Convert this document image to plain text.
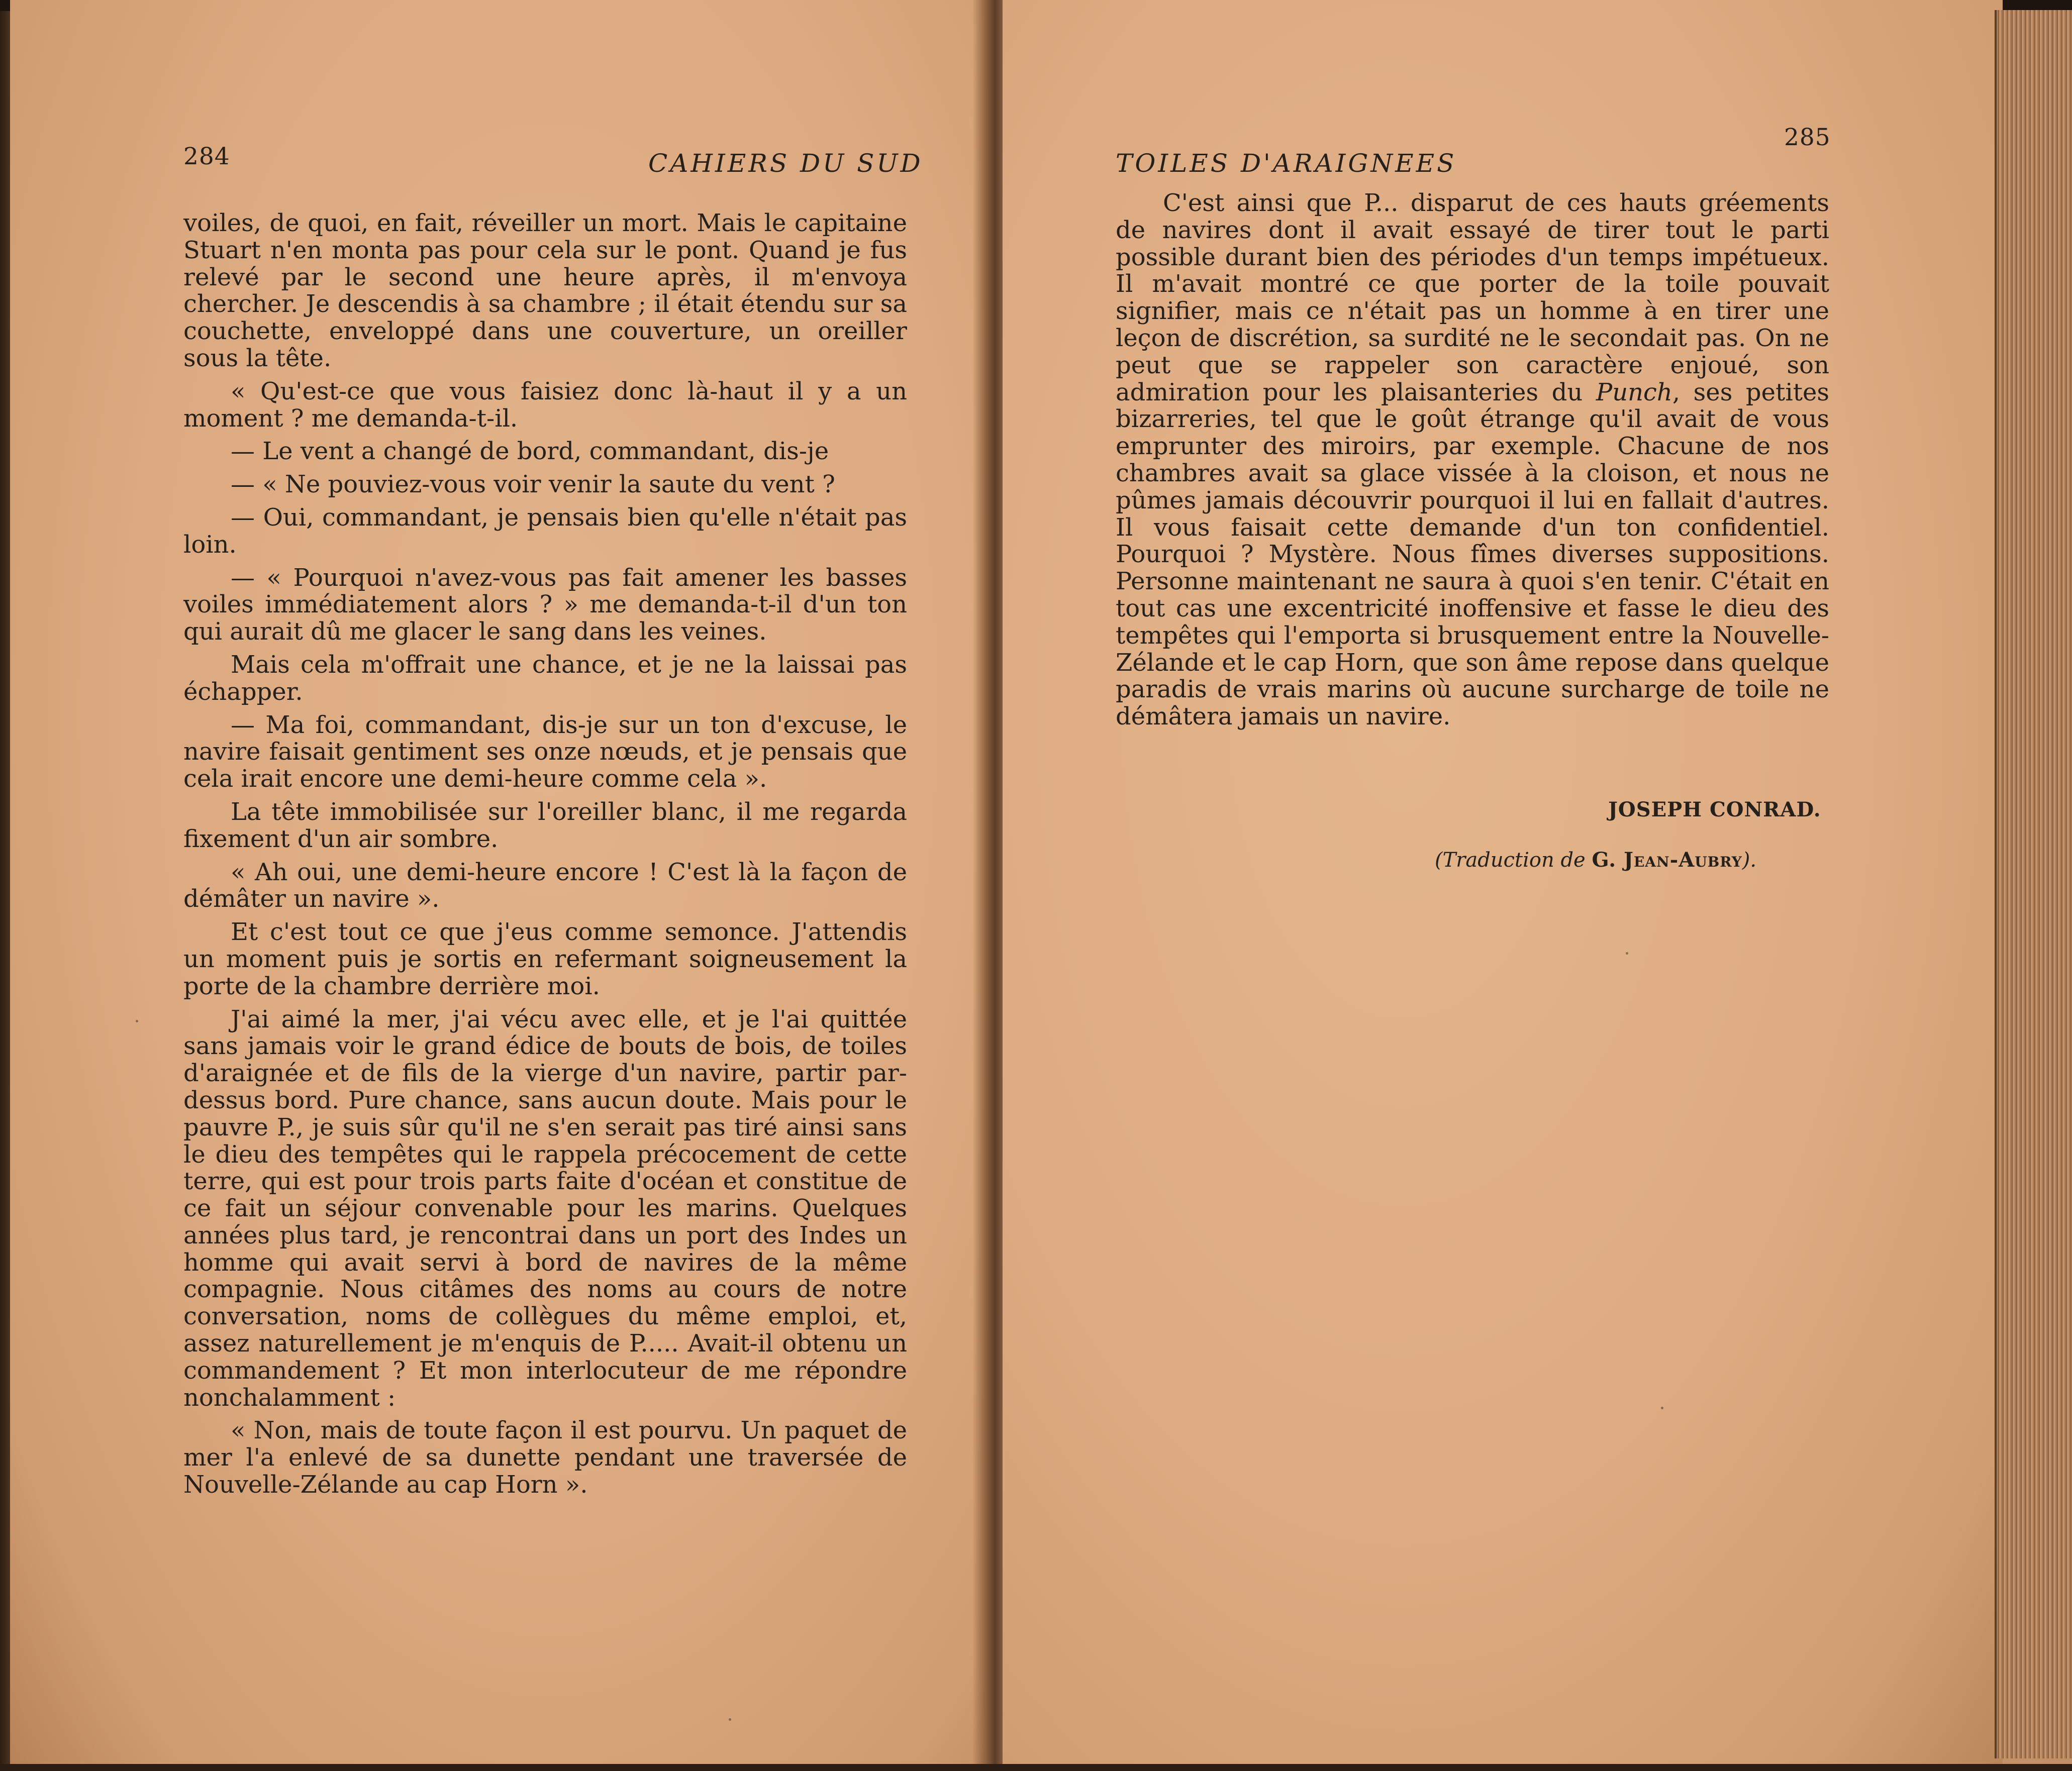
284	CAHIERS DU SUD

voiles, de quoi, en fait, réveiller un mort. Mais le capitaine Stuart n'en monta pas pour cela sur le pont. Quand je fus relevé par le second une heure après, il m'envoya chercher. Je descendis à sa chambre ; il était étendu sur sa couchette, enveloppé dans une couverture, un oreiller sous la tête.

« Qu'est-ce que vous faisiez donc là-haut il y a un moment ? me demanda-t-il.

— Le vent a changé de bord, commandant, dis-je

— « Ne pouviez-vous voir venir la saute du vent ?

— Oui, commandant, je pensais bien qu'elle n'était pas loin.

— « Pourquoi n'avez-vous pas fait amener les basses voiles immédiatement alors ? » me demanda-t-il d'un ton qui aurait dû me glacer le sang dans les veines.

Mais cela m'offrait une chance, et je ne la laissai pas échapper.

— Ma foi, commandant, dis-je sur un ton d'excuse, le navire faisait gentiment ses onze nœuds, et je pensais que cela irait encore une demi-heure comme cela ».

La tête immobilisée sur l'oreiller blanc, il me regarda fixement d'un air sombre.

« Ah oui, une demi-heure encore ! C'est là la façon de démâter un navire ».

Et c'est tout ce que j'eus comme semonce. J'attendis un moment puis je sortis en refermant soigneusement la porte de la chambre derrière moi.

J'ai aimé la mer, j'ai vécu avec elle, et je l'ai quittée sans jamais voir le grand édice de bouts de bois, de toiles d'araignée et de fils de la vierge d'un navire, partir par-dessus bord. Pure chance, sans aucun doute. Mais pour le pauvre P., je suis sûr qu'il ne s'en serait pas tiré ainsi sans le dieu des tempêtes qui le rappela précocement de cette terre, qui est pour trois parts faite d'océan et constitue de ce fait un séjour convenable pour les marins. Quelques années plus tard, je rencontrai dans un port des Indes un homme qui avait servi à bord de navires de la même compagnie. Nous citâmes des noms au cours de notre conversation, noms de collègues du même emploi, et, assez naturellement je m'enquis de P..... Avait-il obtenu un commandement ? Et mon interlocuteur de me répondre nonchalamment :

« Non, mais de toute façon il est pourvu. Un paquet de mer l'a enlevé de sa dunette pendant une traversée de Nouvelle-Zélande au cap Horn ».

TOILES D'ARAIGNEES
285

C'est ainsi que P... disparut de ces hauts gréements de navires dont il avait essayé de tirer tout le parti possible durant bien des périodes d'un temps impétueux. Il m'avait montré ce que porter de la toile pouvait signifier, mais ce n'était pas un homme à en tirer une leçon de discrétion, sa surdité ne le secondait pas. On ne peut que se rappeler son caractère enjoué, son admiration pour les plaisanteries du Punch, ses petites bizarreries, tel que le goût étrange qu'il avait de vous emprunter des miroirs, par exemple. Chacune de nos chambres avait sa glace vissée à la cloison, et nous ne pûmes jamais découvrir pourquoi il lui en fallait d'autres. Il vous faisait cette demande d'un ton confidentiel. Pourquoi ? Mystère. Nous fîmes diverses suppositions. Personne maintenant ne saura à quoi s'en tenir. C'était en tout cas une excentricité inoffensive et fasse le dieu des tempêtes qui l'emporta si brusquement entre la Nouvelle-Zélande et le cap Horn, que son âme repose dans quelque paradis de vrais marins où aucune surcharge de toile ne démâtera jamais un navire.

JOSEPH CONRAD.
(Traduction de G. Jean-Aubry).
